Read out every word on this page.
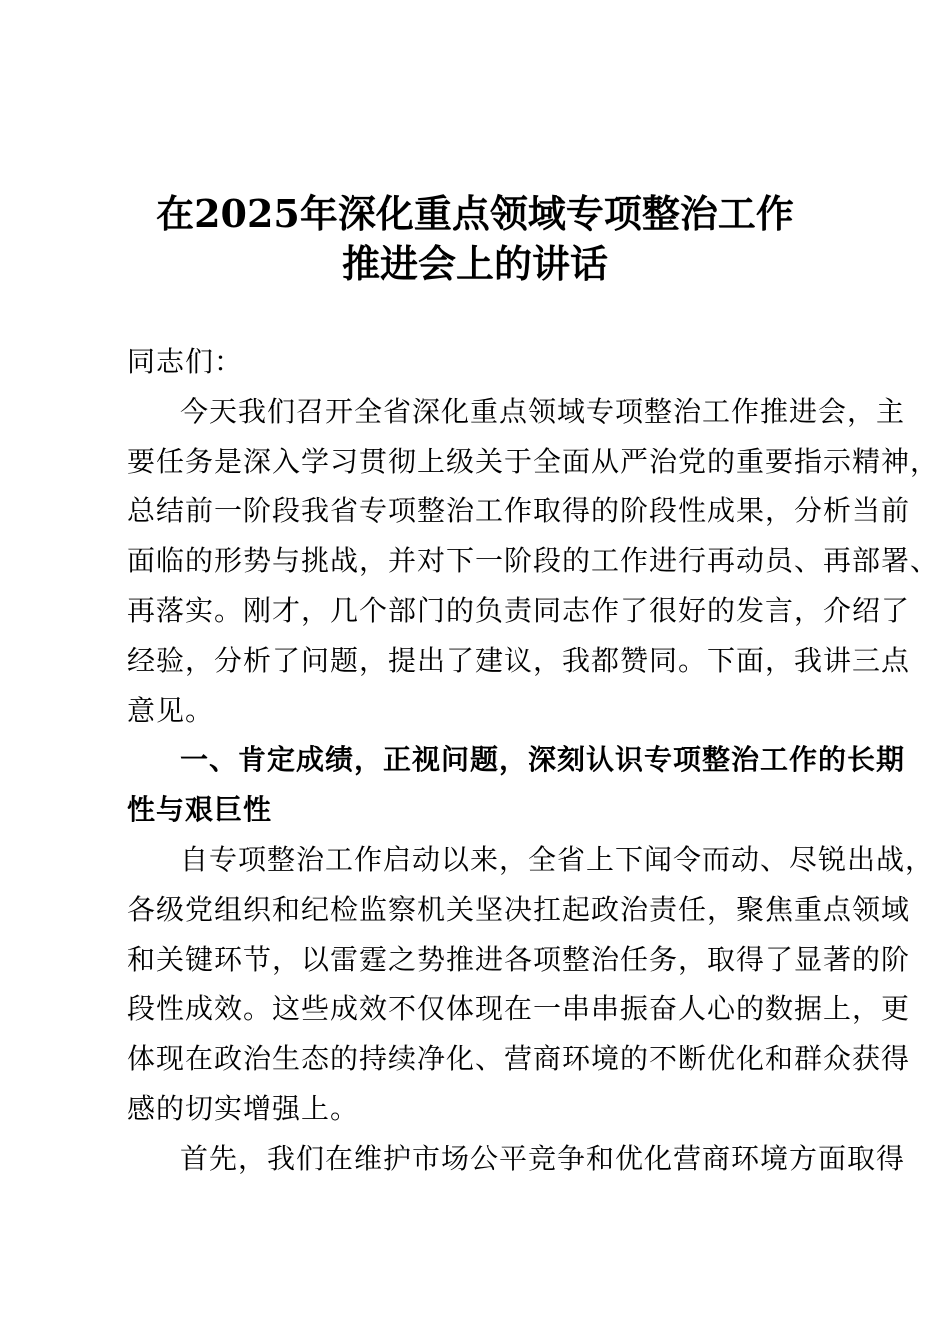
在2025年深化重点领域专项整治工作
推进会上的讲话
同志们：
今天我们召开全省深化重点领域专项整治工作推进会，主
要任务是深入学习贯彻上级关于全面从严治党的重要指示精神，
总结前一阶段我省专项整治工作取得的阶段性成果，分析当前
面临的形势与挑战，并对下一阶段的工作进行再动员、再部署、
再落实。刚才，几个部门的负责同志作了很好的发言，介绍了
经验，分析了问题，提出了建议，我都赞同。下面，我讲三点
意见。
一、肯定成绩，正视问题，深刻认识专项整治工作的长期
性与艰巨性
自专项整治工作启动以来，全省上下闻令而动、尽锐出战，
各级党组织和纪检监察机关坚决扛起政治责任，聚焦重点领域
和关键环节，以雷霆之势推进各项整治任务，取得了显著的阶
段性成效。这些成效不仅体现在一串串振奋人心的数据上，更
体现在政治生态的持续净化、营商环境的不断优化和群众获得
感的切实增强上。
首先，我们在维护市场公平竞争和优化营商环境方面取得
